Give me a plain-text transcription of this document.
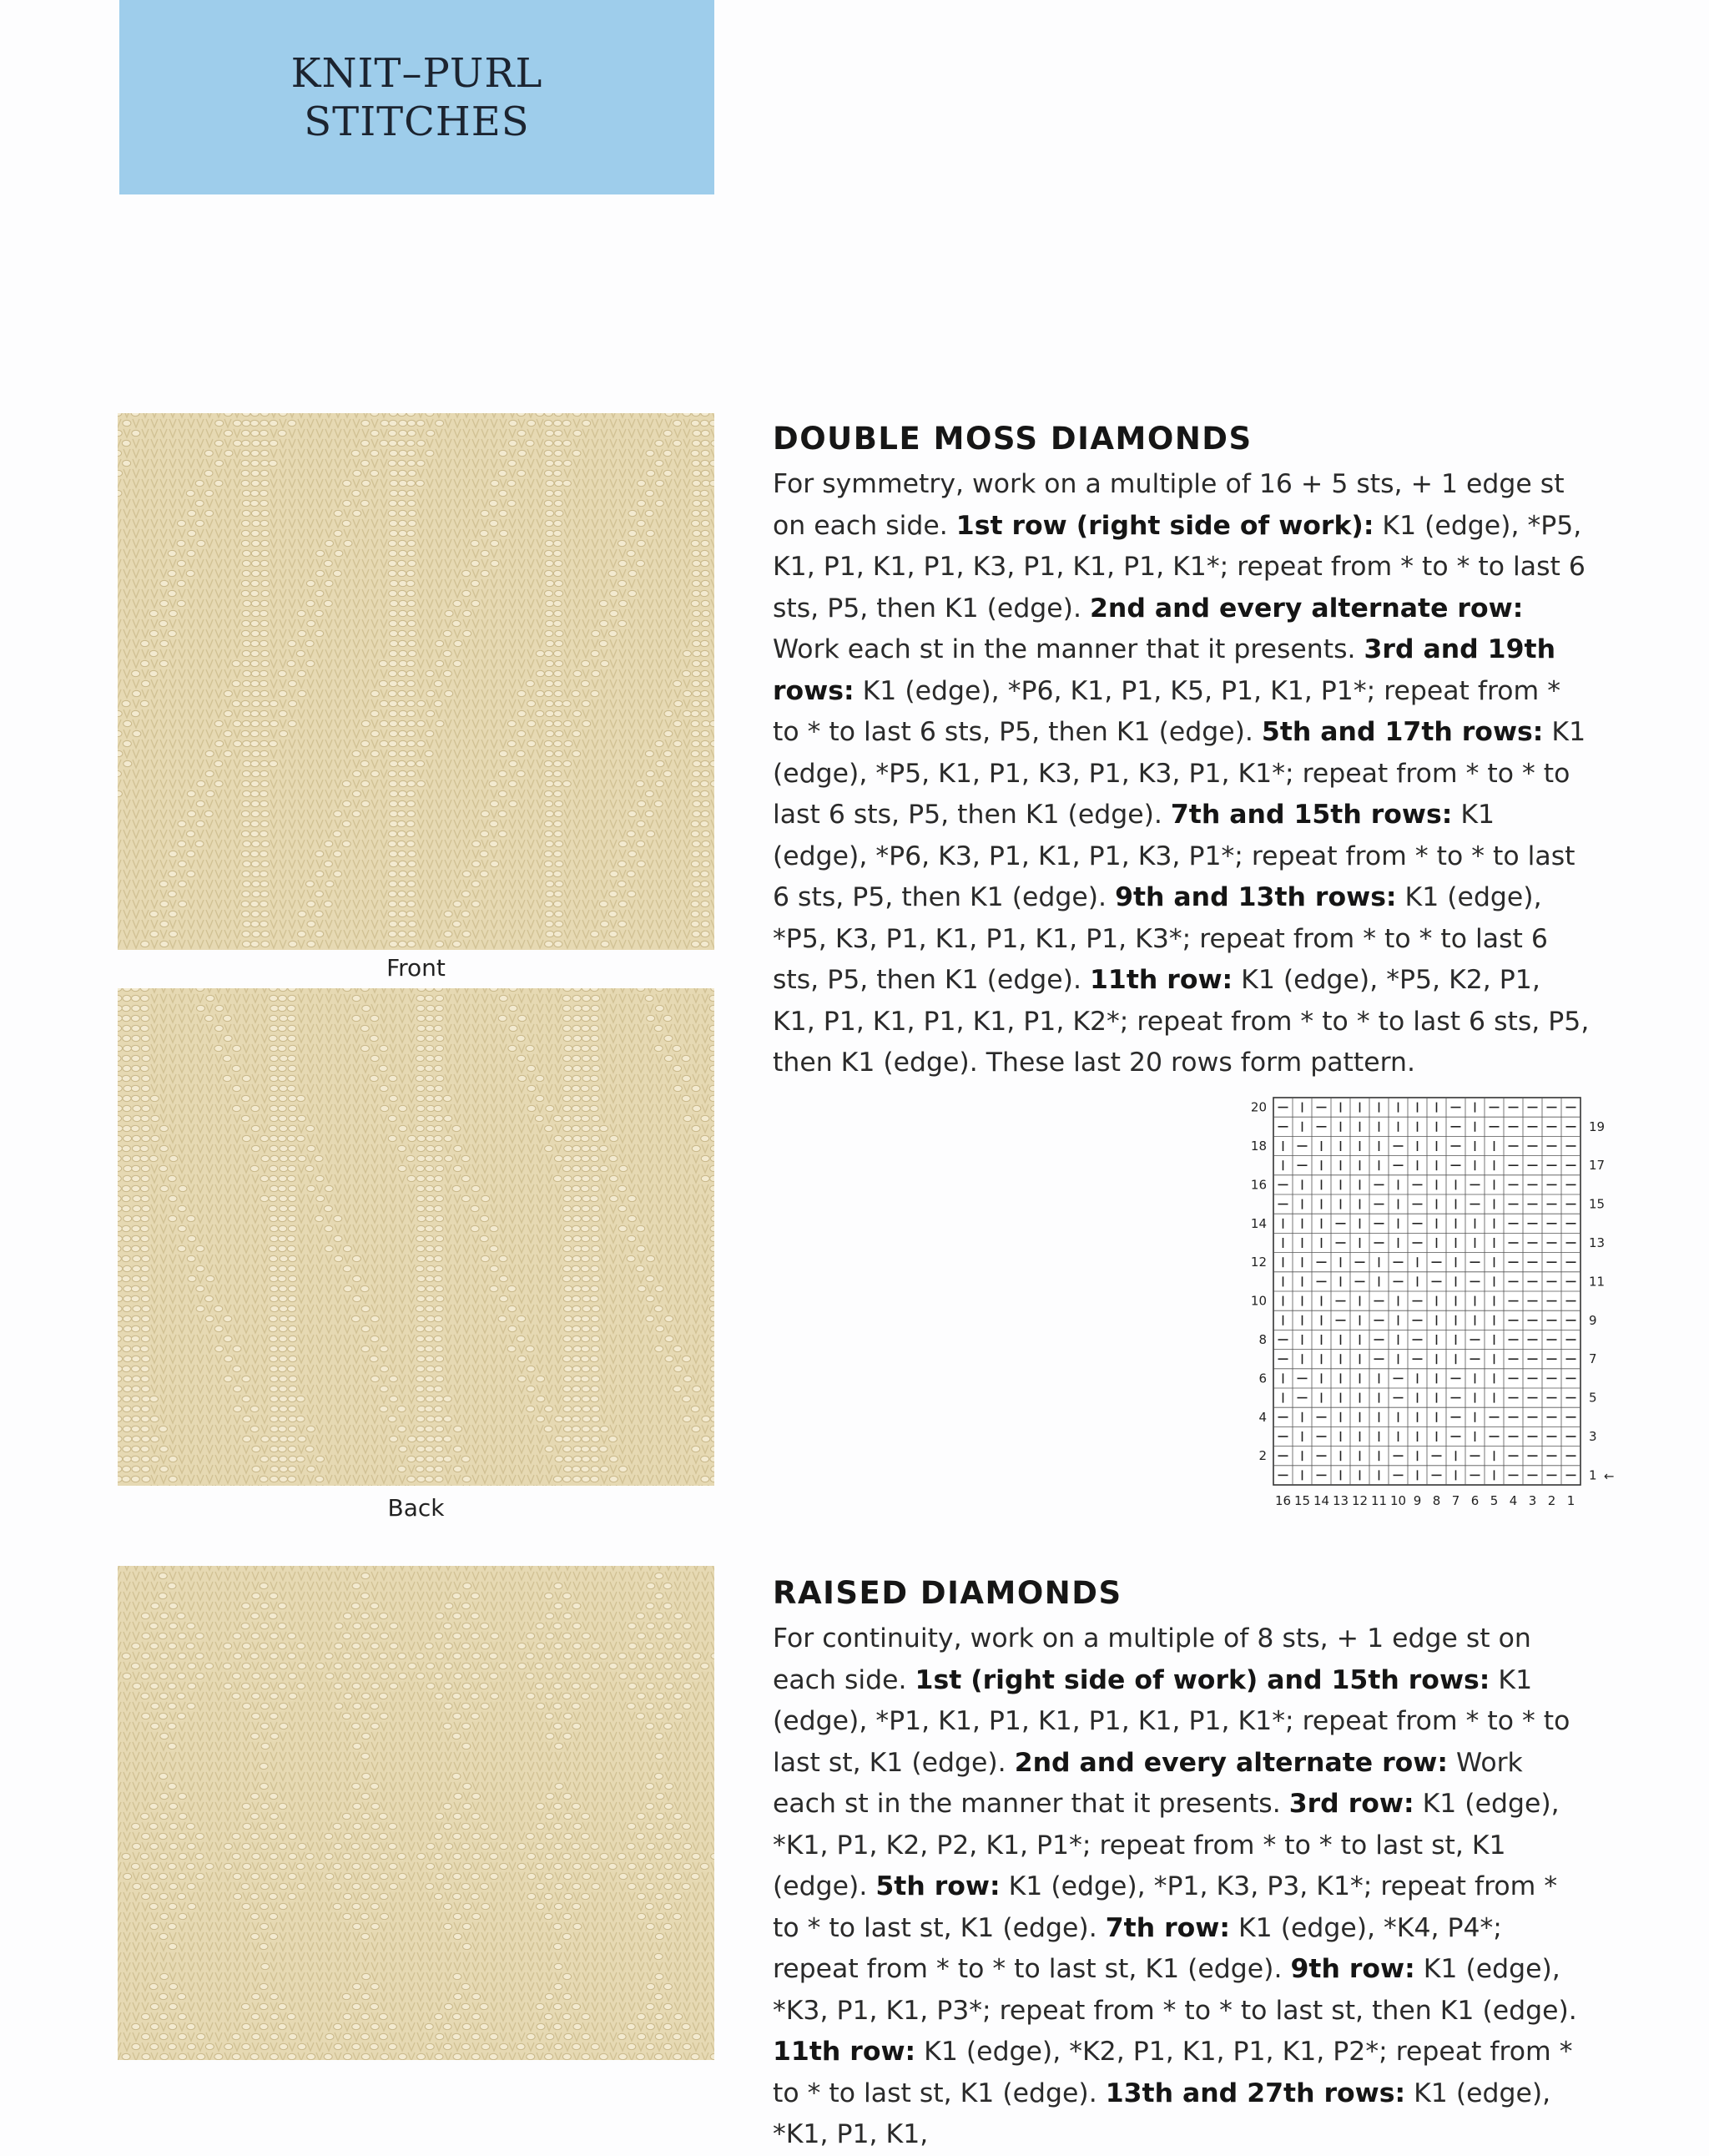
KNIT–PURL
STITCHES
Front
Back
DOUBLE MOSS DIAMONDS
For symmetry, work on a multiple of 16 + 5 sts, + 1 edge st on each side. 1st row (right side of work): K1 (edge), *P5, K1, P1, K1, P1, K3, P1, K1, P1, K1*; repeat from * to * to last 6 sts, P5, then K1 (edge). 2nd and every alternate row: Work each st in the manner that it presents. 3rd and 19th rows: K1 (edge), *P6, K1, P1, K5, P1, K1, P1*; repeat from * to * to last 6 sts, P5, then K1 (edge). 5th and 17th rows: K1 (edge), *P5, K1, P1, K3, P1, K3, P1, K1*; repeat from * to * to last 6 sts, P5, then K1 (edge). 7th and 15th rows: K1 (edge), *P6, K3, P1, K1, P1, K3, P1*; repeat from * to * to last 6 sts, P5, then K1 (edge). 9th and 13th rows: K1 (edge), *P5, K3, P1, K1, P1, K1, P1, K3*; repeat from * to * to last 6 sts, P5, then K1 (edge). 11th row: K1 (edge), *P5, K2, P1, K1, P1, K1, P1, K1, P1, K2*; repeat from * to * to last 6 sts, P5, then K1 (edge). These last 20 rows form pattern.
20
18
16
14
12
10
8
6
4
2
19
17
15
13
11
9
7
5
3
1
16 15 14 13 12 11 10 9 8 7 6 5 4 3 2 1
←
RAISED DIAMONDS
For continuity, work on a multiple of 8 sts, + 1 edge st on each side. 1st (right side of work) and 15th rows: K1 (edge), *P1, K1, P1, K1, P1, K1, P1, K1*; repeat from * to * to last st, K1 (edge). 2nd and every alternate row: Work each st in the manner that it presents. 3rd row: K1 (edge), *K1, P1, K2, P2, K1, P1*; repeat from * to * to last st, K1 (edge). 5th row: K1 (edge), *P1, K3, P3, K1*; repeat from * to * to last st, K1 (edge). 7th row: K1 (edge), *K4, P4*; repeat from * to * to last st, K1 (edge). 9th row: K1 (edge), *K3, P1, K1, P3*; repeat from * to * to last st, then K1 (edge). 11th row: K1 (edge), *K2, P1, K1, P1, K1, P2*; repeat from * to * to last st, K1 (edge). 13th and 27th rows: K1 (edge), *K1, P1, K1,
